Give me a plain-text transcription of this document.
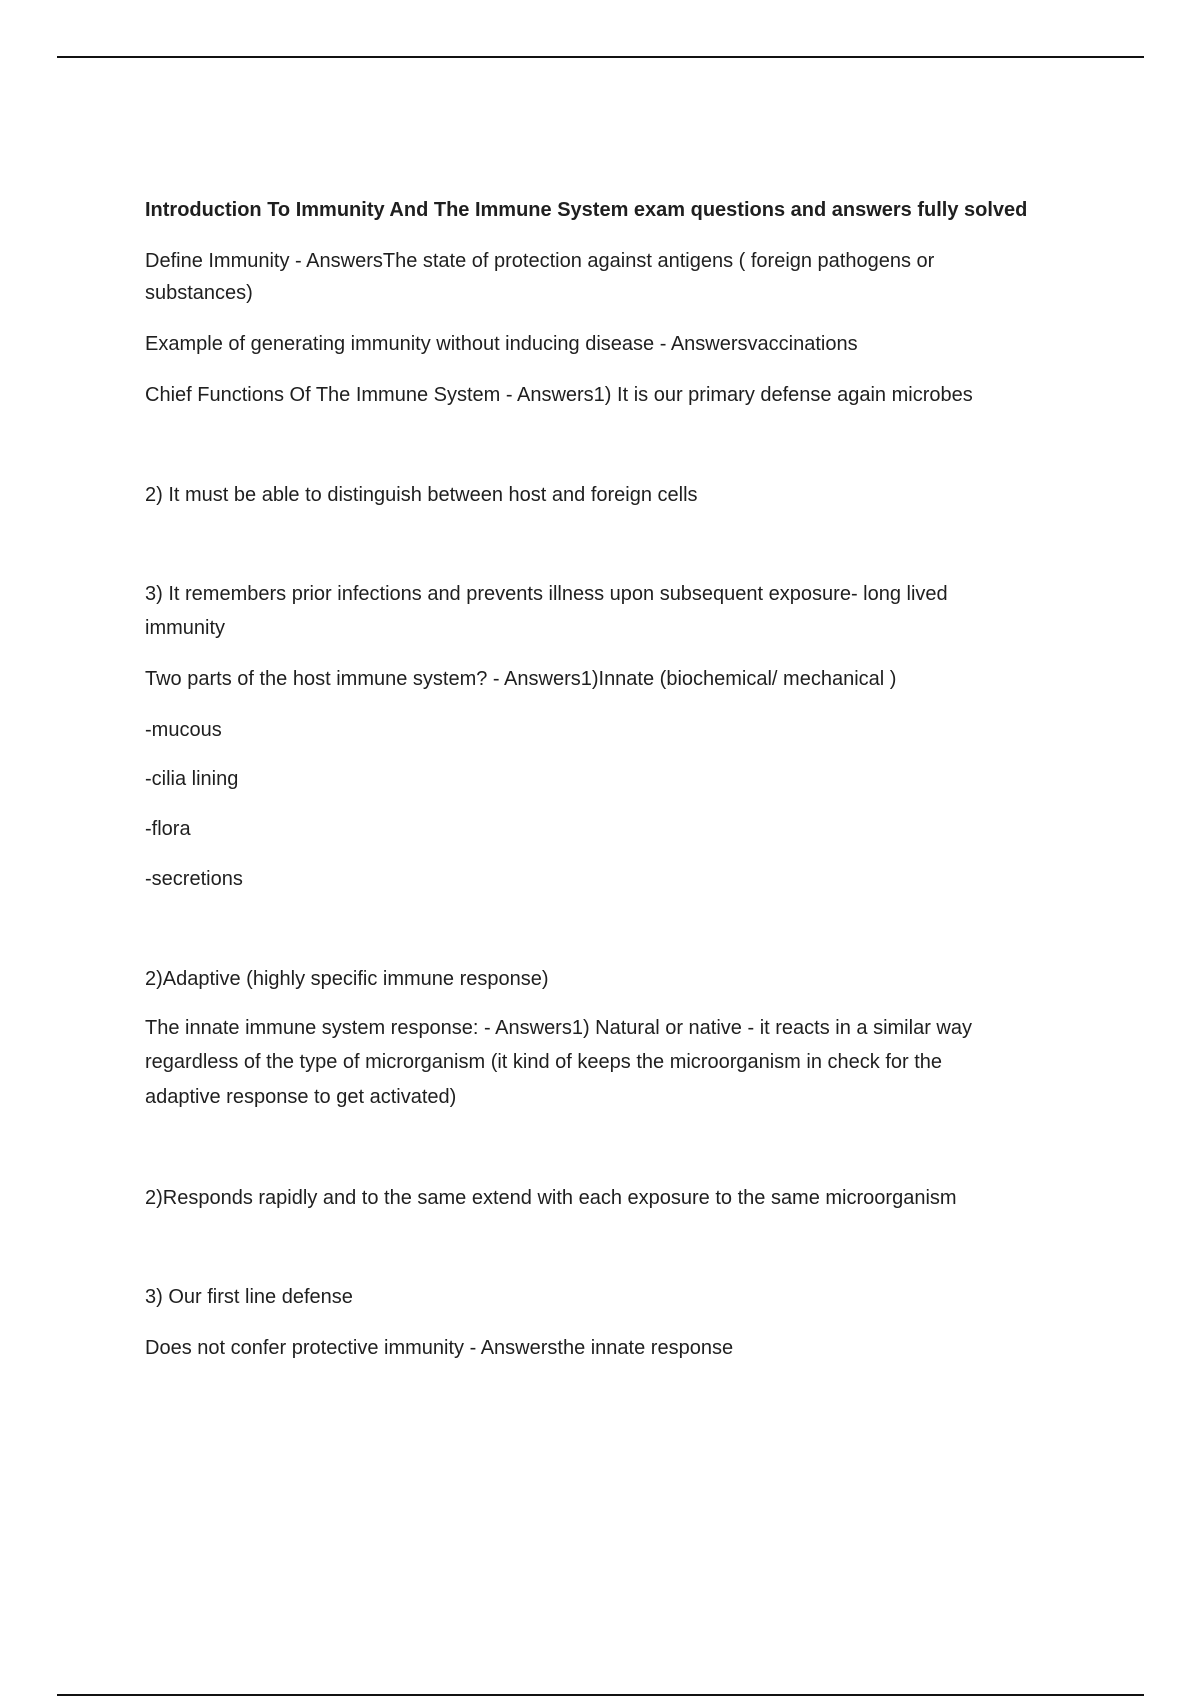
Introduction To Immunity And The Immune System exam questions and answers fully solved

Define Immunity - AnswersThe state of protection against antigens ( foreign pathogens or

substances)

Example of generating immunity without inducing disease - Answersvaccinations

Chief Functions Of The Immune System - Answers1) It is our primary defense again microbes

2) It must be able to distinguish between host and foreign cells

3) It remembers prior infections and prevents illness upon subsequent exposure- long lived

immunity

Two parts of the host immune system? - Answers1)Innate (biochemical/ mechanical )

-mucous

-cilia lining

-flora

-secretions

2)Adaptive (highly specific immune response)

The innate immune system response: - Answers1) Natural or native - it reacts in a similar way

regardless of the type of microrganism (it kind of keeps the microorganism in check for the

adaptive response to get activated)

2)Responds rapidly and to the same extend with each exposure to the same microorganism

3) Our first line defense

Does not confer protective immunity - Answersthe innate response
